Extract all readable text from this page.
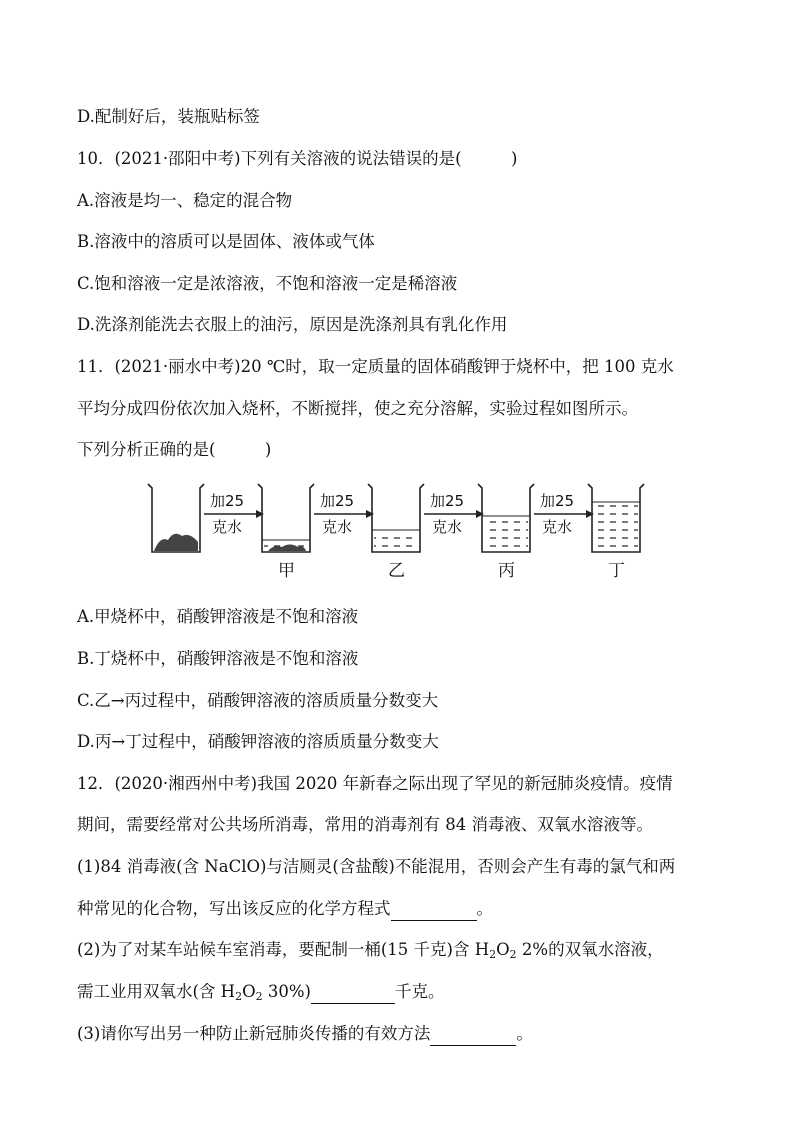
D.配制好后，装瓶贴标签
10．(2021·邵阳中考)下列有关溶液的说法错误的是(　　　)
A.溶液是均一、稳定的混合物
B.溶液中的溶质可以是固体、液体或气体
C.饱和溶液一定是浓溶液，不饱和溶液一定是稀溶液
D.洗涤剂能洗去衣服上的油污，原因是洗涤剂具有乳化作用
11．(2021·丽水中考)20 ℃时，取一定质量的固体硝酸钾于烧杯中，把 100 克水
平均分成四份依次加入烧杯，不断搅拌，使之充分溶解，实验过程如图所示。
下列分析正确的是(　　　)
加25
克水
甲
加25
克水
乙
加25
克水
丙
加25
克水
丁
A.甲烧杯中，硝酸钾溶液是不饱和溶液
B.丁烧杯中，硝酸钾溶液是不饱和溶液
C.乙→丙过程中，硝酸钾溶液的溶质质量分数变大
D.丙→丁过程中，硝酸钾溶液的溶质质量分数变大
12．(2020·湘西州中考)我国 2020 年新春之际出现了罕见的新冠肺炎疫情。疫情
期间，需要经常对公共场所消毒，常用的消毒剂有 84 消毒液、双氧水溶液等。
(1)84 消毒液(含 NaClO)与洁厕灵(含盐酸)不能混用，否则会产生有毒的氯气和两
种常见的化合物，写出该反应的化学方程式	。
(2)为了对某车站候车室消毒，要配制一桶(15 千克)含 $H_2O_2$ 2%的双氧水溶液，
需工业用双氧水(含 $H_2O_2$ 30%)	千克。
(3)请你写出另一种防止新冠肺炎传播的有效方法	。
